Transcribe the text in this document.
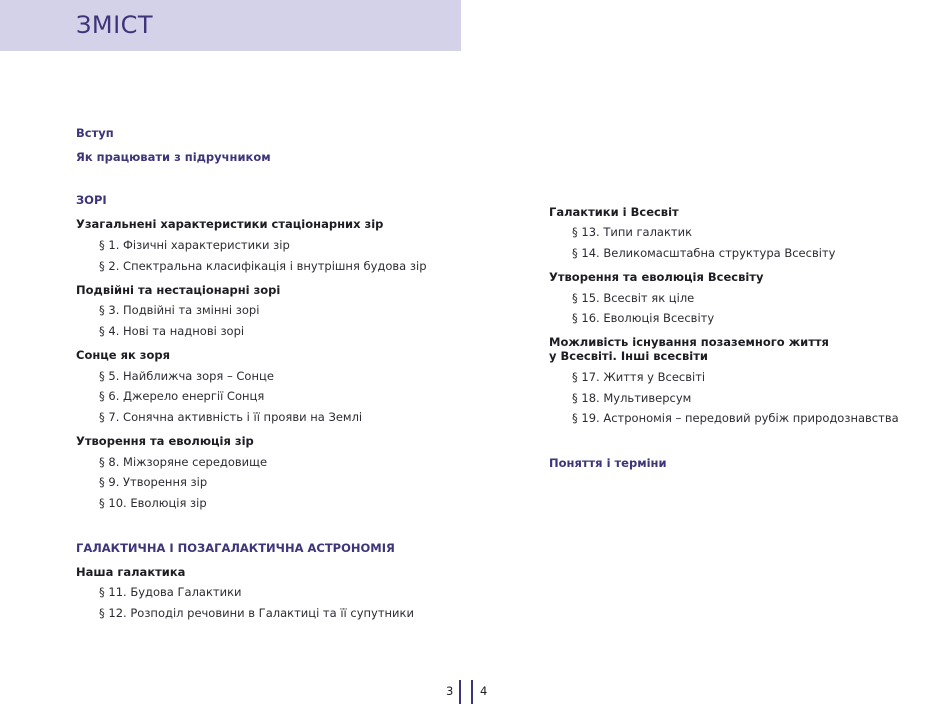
ЗМІСТ
Вступ
Як працювати з підручником
ЗОРІ
Узагальнені характеристики стаціонарних зір
§ 1. Фізичні характеристики зір
§ 2. Спектральна класифікація і внутрішня будова зір
Подвійні та нестаціонарні зорі
§ 3. Подвійні та змінні зорі
§ 4. Нові та наднові зорі
Сонце як зоря
§ 5. Найближча зоря – Сонце
§ 6. Джерело енергії Сонця
§ 7. Сонячна активність і її прояви на Землі
Утворення та еволюція зір
§ 8. Міжзоряне середовище
§ 9. Утворення зір
§ 10. Еволюція зір
ГАЛАКТИЧНА І ПОЗАГАЛАКТИЧНА АСТРОНОМІЯ
Наша галактика
§ 11. Будова Галактики
§ 12. Розподіл речовини в Галактиці та її супутники
Галактики і Всесвіт
§ 13. Типи галактик
§ 14. Великомасштабна структура Всесвіту
Утворення та еволюція Всесвіту
§ 15. Всесвіт як ціле
§ 16. Еволюція Всесвіту
Можливість існування позаземного життя
у Всесвіті. Інші всесвіти
§ 17. Життя у Всесвіті
§ 18. Мультиверсум
§ 19. Астрономія – передовий рубіж природознавства
Поняття і терміни
3 4
